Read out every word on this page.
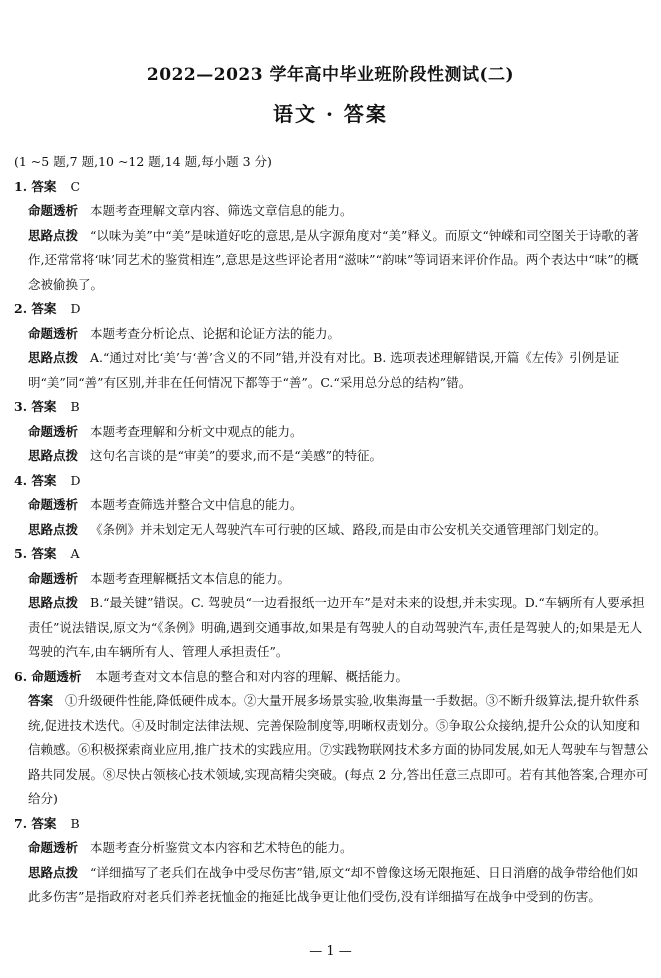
2022—2023 学年高中毕业班阶段性测试(二)
语文 · 答案

(1 ~5 题,7 题,10 ~12 题,14 题,每小题 3 分)

1. 答案 C

命题透析 本题考查理解文章内容、筛选文章信息的能力。

思路点拨 “以味为美”中“美”是味道好吃的意思,是从字源角度对“美”释义。而原文“钟嵘和司空图关于诗歌的著作,还常常将‘味’同艺术的鉴赏相连”,意思是这些评论者用“滋味”“韵味”等词语来评价作品。两个表达中“味”的概念被偷换了。

2. 答案 D

命题透析 本题考查分析论点、论据和论证方法的能力。

思路点拨 A.“通过对比‘美’与‘善’含义的不同”错,并没有对比。B. 选项表述理解错误,开篇《左传》引例是证明“美”同“善”有区别,并非在任何情况下都等于“善”。C.“采用总分总的结构”错。

3. 答案 B

命题透析 本题考查理解和分析文中观点的能力。

思路点拨 这句名言谈的是“审美”的要求,而不是“美感”的特征。

4. 答案 D

命题透析 本题考查筛选并整合文中信息的能力。

思路点拨 《条例》并未划定无人驾驶汽车可行驶的区域、路段,而是由市公安机关交通管理部门划定的。

5. 答案 A

命题透析 本题考查理解概括文本信息的能力。

思路点拨 B.“最关键”错误。C. 驾驶员“一边看报纸一边开车”是对未来的设想,并未实现。D.“车辆所有人要承担责任”说法错误,原文为“《条例》明确,遇到交通事故,如果是有驾驶人的自动驾驶汽车,责任是驾驶人的;如果是无人驾驶的汽车,由车辆所有人、管理人承担责任”。

6. 命题透析 本题考查对文本信息的整合和对内容的理解、概括能力。

答案 ①升级硬件性能,降低硬件成本。②大量开展多场景实验,收集海量一手数据。③不断升级算法,提升软件系统,促进技术迭代。④及时制定法律法规、完善保险制度等,明晰权责划分。⑤争取公众接纳,提升公众的认知度和信赖感。⑥积极探索商业应用,推广技术的实践应用。⑦实践物联网技术多方面的协同发展,如无人驾驶车与智慧公路共同发展。⑧尽快占领核心技术领域,实现高精尖突破。(每点 2 分,答出任意三点即可。若有其他答案,合理亦可给分)

7. 答案 B

命题透析 本题考查分析鉴赏文本内容和艺术特色的能力。

思路点拨 “详细描写了老兵们在战争中受尽伤害”错,原文“却不曾像这场无限拖延、日日消磨的战争带给他们如此多伤害”是指政府对老兵们养老抚恤金的拖延比战争更让他们受伤,没有详细描写在战争中受到的伤害。

— 1 —
